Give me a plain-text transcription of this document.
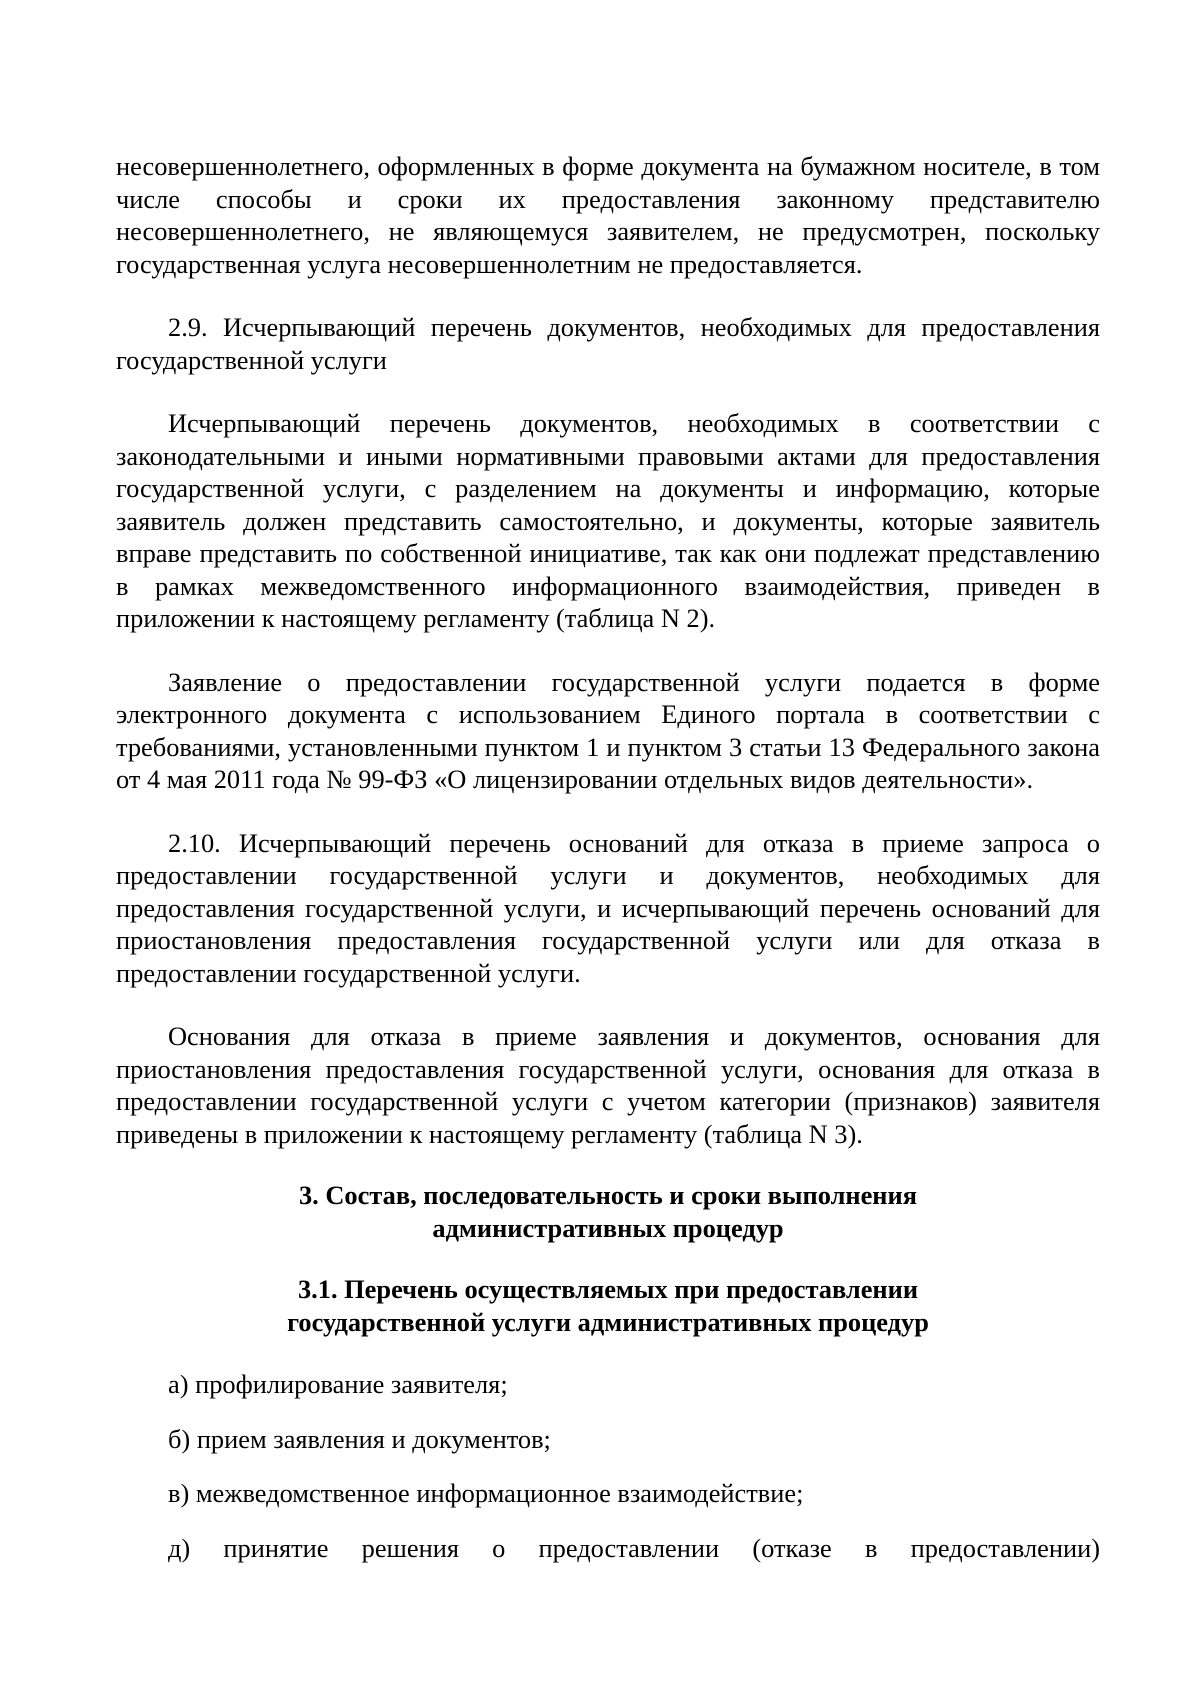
несовершеннолетнего, оформленных в форме документа на бумажном носителе, в том числе способы и сроки их предоставления законному представителю несовершеннолетнего, не являющемуся заявителем, не предусмотрен, поскольку государственная услуга несовершеннолетним не предоставляется.

2.9. Исчерпывающий перечень документов, необходимых для предоставления государственной услуги

Исчерпывающий перечень документов, необходимых в соответствии с законодательными и иными нормативными правовыми актами для предоставления государственной услуги, с разделением на документы и информацию, которые заявитель должен представить самостоятельно, и документы, которые заявитель вправе представить по собственной инициативе, так как они подлежат представлению в рамках межведомственного информационного взаимодействия, приведен в приложении к настоящему регламенту (таблица N 2).

Заявление о предоставлении государственной услуги подается в форме электронного документа с использованием Единого портала в соответствии с требованиями, установленными пунктом 1 и пунктом 3 статьи 13 Федерального закона от 4 мая 2011 года № 99-ФЗ «О лицензировании отдельных видов деятельности».

2.10. Исчерпывающий перечень оснований для отказа в приеме запроса о предоставлении государственной услуги и документов, необходимых для предоставления государственной услуги, и исчерпывающий перечень оснований для приостановления предоставления государственной услуги или для отказа в предоставлении государственной услуги.

Основания для отказа в приеме заявления и документов, основания для приостановления предоставления государственной услуги, основания для отказа в предоставлении государственной услуги с учетом категории (признаков) заявителя приведены в приложении к настоящему регламенту (таблица N 3).

3. Состав, последовательность и сроки выполнения
административных процедур
3.1. Перечень осуществляемых при предоставлении
государственной услуги административных процедур

а) профилирование заявителя;

б) прием заявления и документов;

в) межведомственное информационное взаимодействие;

д) принятие решения о предоставлении (отказе в предоставлении)
